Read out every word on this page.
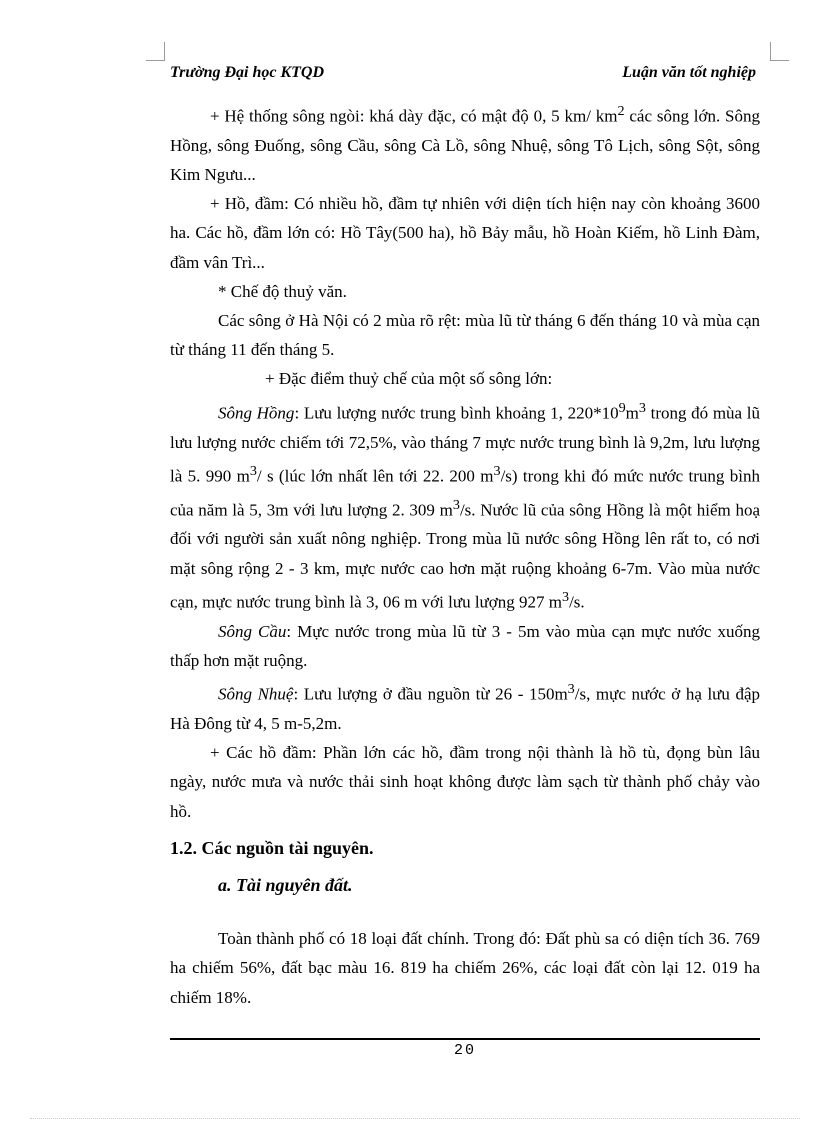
Trường Đại học KTQD	Luận văn tốt nghiệp

+ Hệ thống sông ngòi: khá dày đặc, có mật độ 0, 5 km/ $km^2$ các sông lớn. Sông Hồng, sông Đuống, sông Cầu, sông Cà Lồ, sông Nhuệ, sông Tô Lịch, sông Sột, sông Kim Ngưu...

+ Hồ, đầm: Có nhiều hồ, đầm tự nhiên với diện tích hiện nay còn khoảng 3600 ha. Các hồ, đầm lớn có: Hồ Tây(500 ha), hồ Bảy mẫu, hồ Hoàn Kiếm, hồ Linh Đàm, đầm vân Trì...

* Chế độ thuỷ văn.

Các sông ở Hà Nội có 2 mùa rõ rệt: mùa lũ từ tháng 6 đến tháng 10 và mùa cạn từ tháng 11 đến tháng 5.

+ Đặc điểm thuỷ chế của một số sông lớn:

Sông Hồng: Lưu lượng nước trung bình khoảng 1, $220*10^9m^3$ trong đó mùa lũ lưu lượng nước chiếm tới 72,5%, vào tháng 7 mực nước trung bình là 9,2m, lưu lượng là 5. 990 $m^3/$ s (lúc lớn nhất lên tới 22. 200 $m^3/s$) trong khi đó mức nước trung bình của năm là 5, 3m với lưu lượng 2. 309 $m^3/s$. Nước lũ của sông Hồng là một hiểm hoạ đối với người sản xuất nông nghiệp. Trong mùa lũ nước sông Hồng lên rất to, có nơi mặt sông rộng 2 - 3 km, mực nước cao hơn mặt ruộng khoảng 6-7m. Vào mùa nước cạn, mực nước trung bình là 3, 06 m với lưu lượng 927 $m^3/s$.

Sông Cầu: Mực nước trong mùa lũ từ 3 - 5m vào mùa cạn mực nước xuống thấp hơn mặt ruộng.

Sông Nhuệ: Lưu lượng ở đầu nguồn từ $26 - 150m^3/s$, mực nước ở hạ lưu đập Hà Đông từ 4, 5 m-5,2m.

+ Các hồ đầm: Phần lớn các hồ, đầm trong nội thành là hồ tù, đọng bùn lâu ngày, nước mưa và nước thải sinh hoạt không được làm sạch từ thành phố chảy vào hồ.

1.2. Các nguồn tài nguyên.

a. Tài nguyên đất.

Toàn thành phố có 18 loại đất chính. Trong đó: Đất phù sa có diện tích 36. 769 ha chiếm 56%, đất bạc màu 16. 819 ha chiếm 26%, các loại đất còn lại 12. 019 ha chiếm 18%.

20
